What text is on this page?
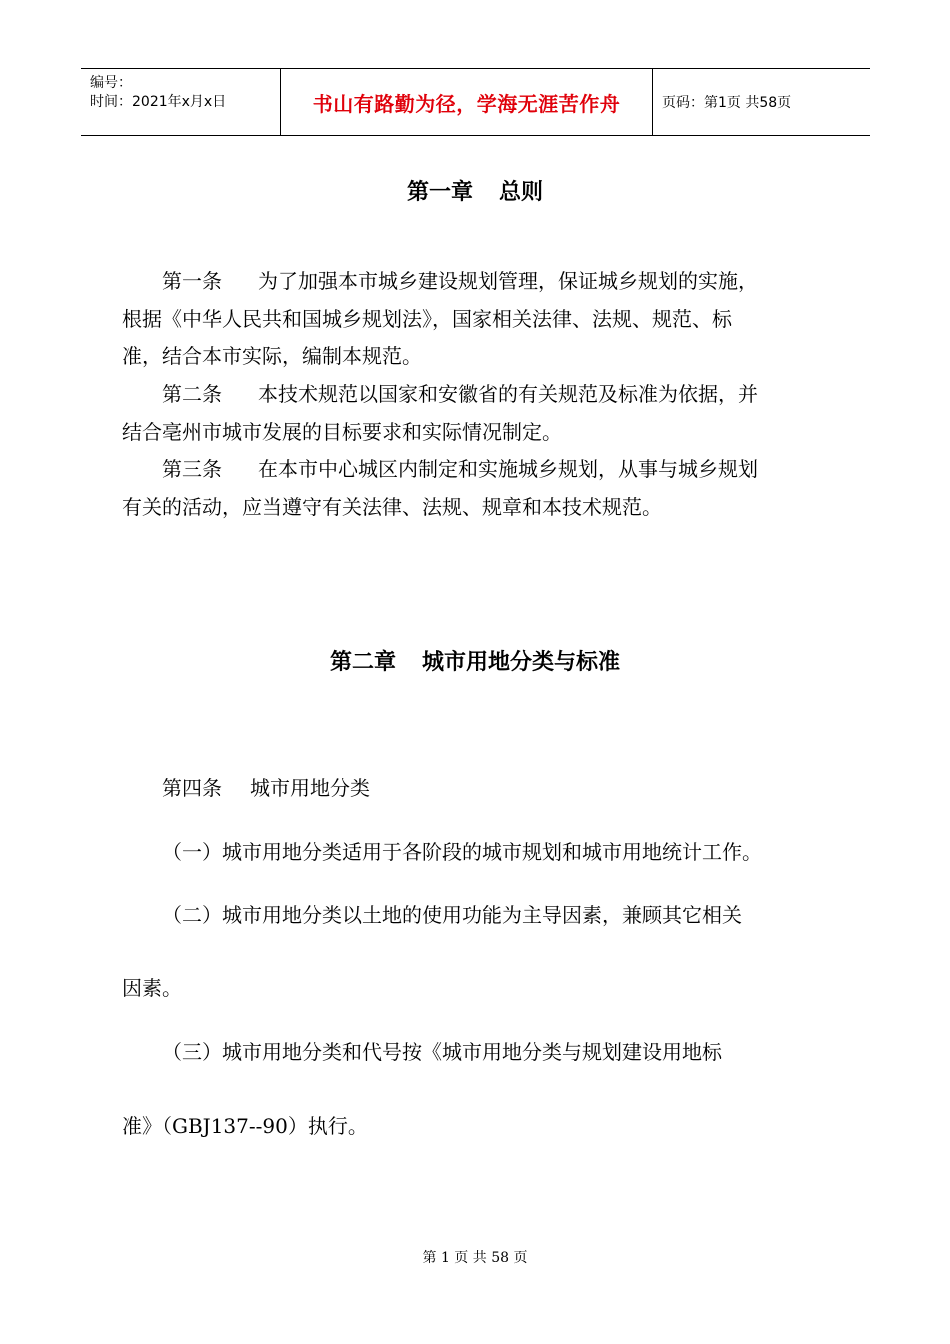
编号：
时间：2021年x月x日	书山有路勤为径，学海无涯苦作舟	页码：第1页 共58页
第一章 总则
第一条 为了加强本市城乡建设规划管理，保证城乡规划的实施，
根据《中华人民共和国城乡规划法》，国家相关法律、法规、规范、标
准，结合本市实际，编制本规范。
第二条 本技术规范以国家和安徽省的有关规范及标准为依据，并
结合亳州市城市发展的目标要求和实际情况制定。
第三条 在本市中心城区内制定和实施城乡规划，从事与城乡规划
有关的活动，应当遵守有关法律、法规、规章和本技术规范。
第二章 城市用地分类与标准
第四条 城市用地分类
（一）城市用地分类适用于各阶段的城市规划和城市用地统计工作。
（二）城市用地分类以土地的使用功能为主导因素，兼顾其它相关
因素。
（三）城市用地分类和代号按《城市用地分类与规划建设用地标
准》（GBJ137--90）执行。
第 1 页 共 58 页
